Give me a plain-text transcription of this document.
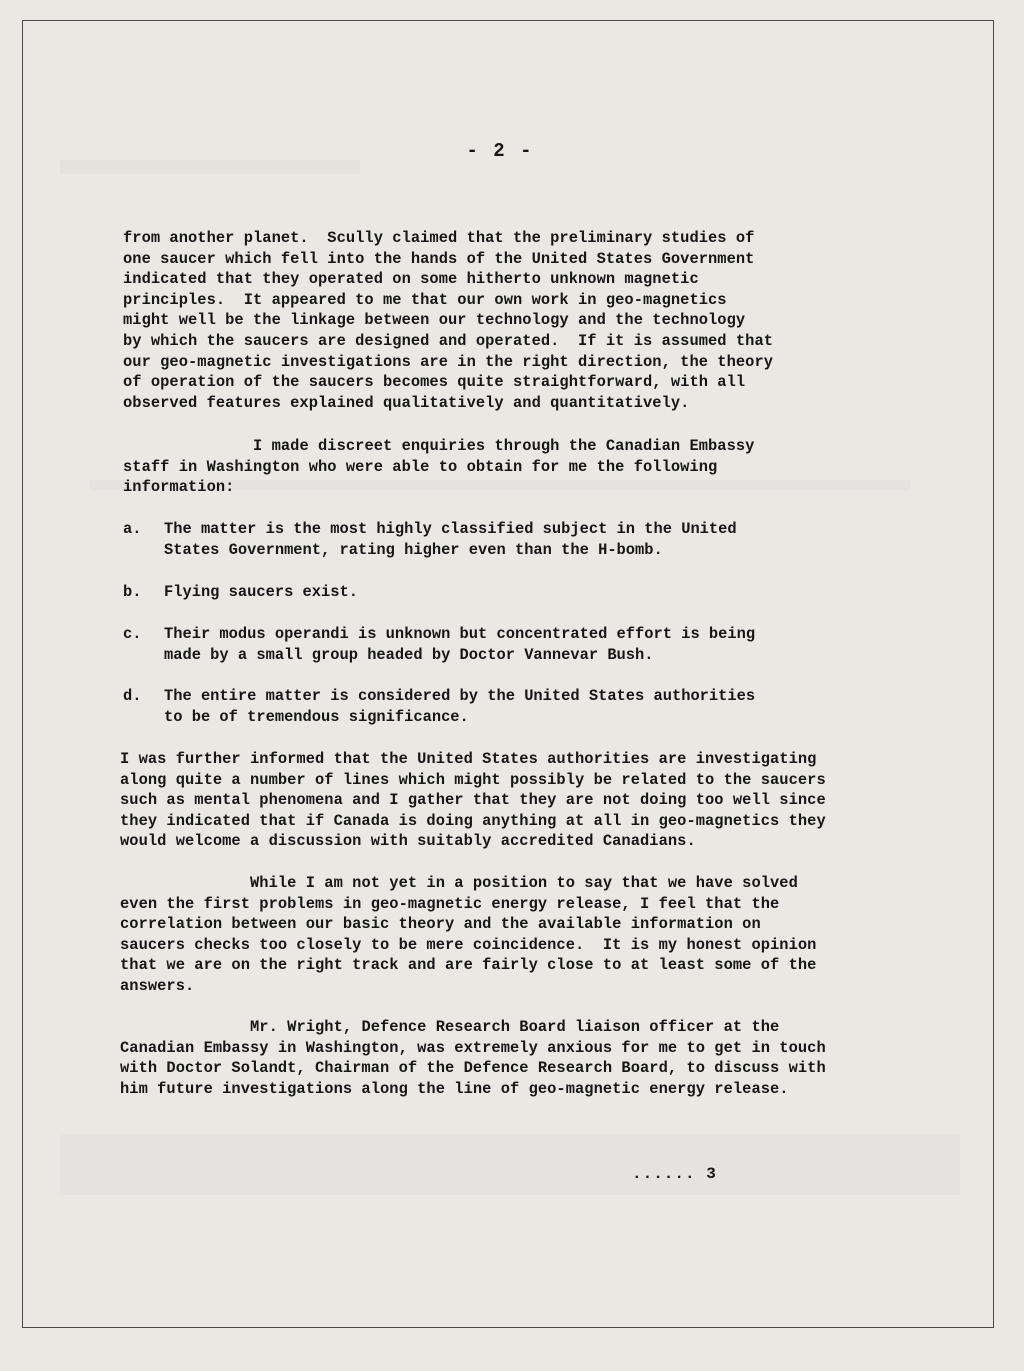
- 2 -

from another planet.  Scully claimed that the preliminary studies of
one saucer which fell into the hands of the United States Government
indicated that they operated on some hitherto unknown magnetic
principles.  It appeared to me that our own work in geo-magnetics
might well be the linkage between our technology and the technology
by which the saucers are designed and operated.  If it is assumed that
our geo-magnetic investigations are in the right direction, the theory
of operation of the saucers becomes quite straightforward, with all
observed features explained qualitatively and quantitatively.

I made discreet enquiries through the Canadian Embassy
staff in Washington who were able to obtain for me the following
information:

a. The matter is the most highly classified subject in the United
States Government, rating higher even than the H-bomb.
b. Flying saucers exist.
c. Their modus operandi is unknown but concentrated effort is being
made by a small group headed by Doctor Vannevar Bush.
d. The entire matter is considered by the United States authorities
to be of tremendous significance.

I was further informed that the United States authorities are investigating
along quite a number of lines which might possibly be related to the saucers
such as mental phenomena and I gather that they are not doing too well since
they indicated that if Canada is doing anything at all in geo-magnetics they
would welcome a discussion with suitably accredited Canadians.

While I am not yet in a position to say that we have solved
even the first problems in geo-magnetic energy release, I feel that the
correlation between our basic theory and the available information on
saucers checks too closely to be mere coincidence.  It is my honest opinion
that we are on the right track and are fairly close to at least some of the
answers.

Mr. Wright, Defence Research Board liaison officer at the
Canadian Embassy in Washington, was extremely anxious for me to get in touch
with Doctor Solandt, Chairman of the Defence Research Board, to discuss with
him future investigations along the line of geo-magnetic energy release.

...... 3
